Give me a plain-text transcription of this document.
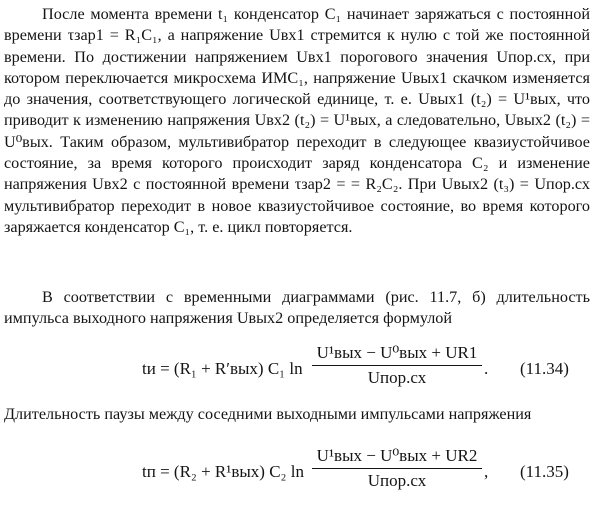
После момента времени t₁ конденсатор C₁ начинает заряжаться с постоянной времени τзар1 = R₁C₁, а напряжение Uвх1 стремится к нулю с той же постоянной времени. По достижении напряжением Uвх1 порогового значения Uпор.сх, при котором переключается микросхема ИМС₁, напряжение Uвых1 скачком изменяется до значения, соответствующего логической единице, т. е. Uвых1 (t₂) = U¹вых, что приводит к изменению напряжения Uвх2 (t₂) = U¹вых, а следовательно, Uвых2 (t₂) = U⁰вых. Таким образом, мультивибратор переходит в следующее квазиустойчивое состояние, за время которого происходит заряд конденсатора C₂ и изменение напряжения Uвх2 с постоянной времени τзар2 = = R₂C₂. При Uвых2 (t₃) = Uпор.сх мультивибратор переходит в новое квазиустойчивое состояние, во время которого заряжается конденсатор C₁, т. е. цикл повторяется.
В соответствии с временными диаграммами (рис. 11.7, б) длительность импульса выходного напряжения Uвых2 определяется формулой
tи = (R₁ + R′вых) C₁ ln
U¹вых − U⁰вых + UR1
Uпор.сх	. (11.34)
Длительность паузы между соседними выходными импульсами напряжения
tп = (R₂ + R¹вых) C₂ ln
U¹вых − U⁰вых + UR2
Uпор.сх	, (11.35)
